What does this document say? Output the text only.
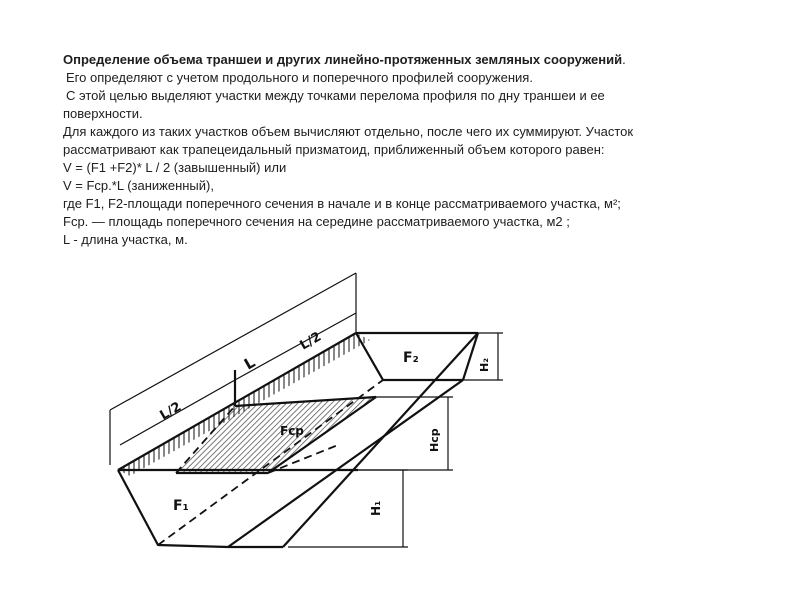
Определение объема траншеи и других линейно-протяженных земляных сооружений.
Его определяют с учетом продольного и поперечного профилей сооружения.
С этой целью выделяют участки между точками перелома профиля по дну траншеи и ее
поверхности.
Для каждого из таких участков объем вычисляют отдельно, после чего их суммируют. Участок
рассматривают как трапецеидальный призматоид, приближенный объем которого равен:
V = (F1 +F2)* L / 2 (завышенный) или
V = Fср.*L (заниженный),
где F1, F2-площади поперечного сечения в начале и в конце рассматриваемого участка, м²;
Fср. — площадь поперечного сечения на середине рассматриваемого участка, м2 ;
L - длина участка, м.
L
L/2
L/2
F₁
F₂
Fср
H₁
H₂
Hср
